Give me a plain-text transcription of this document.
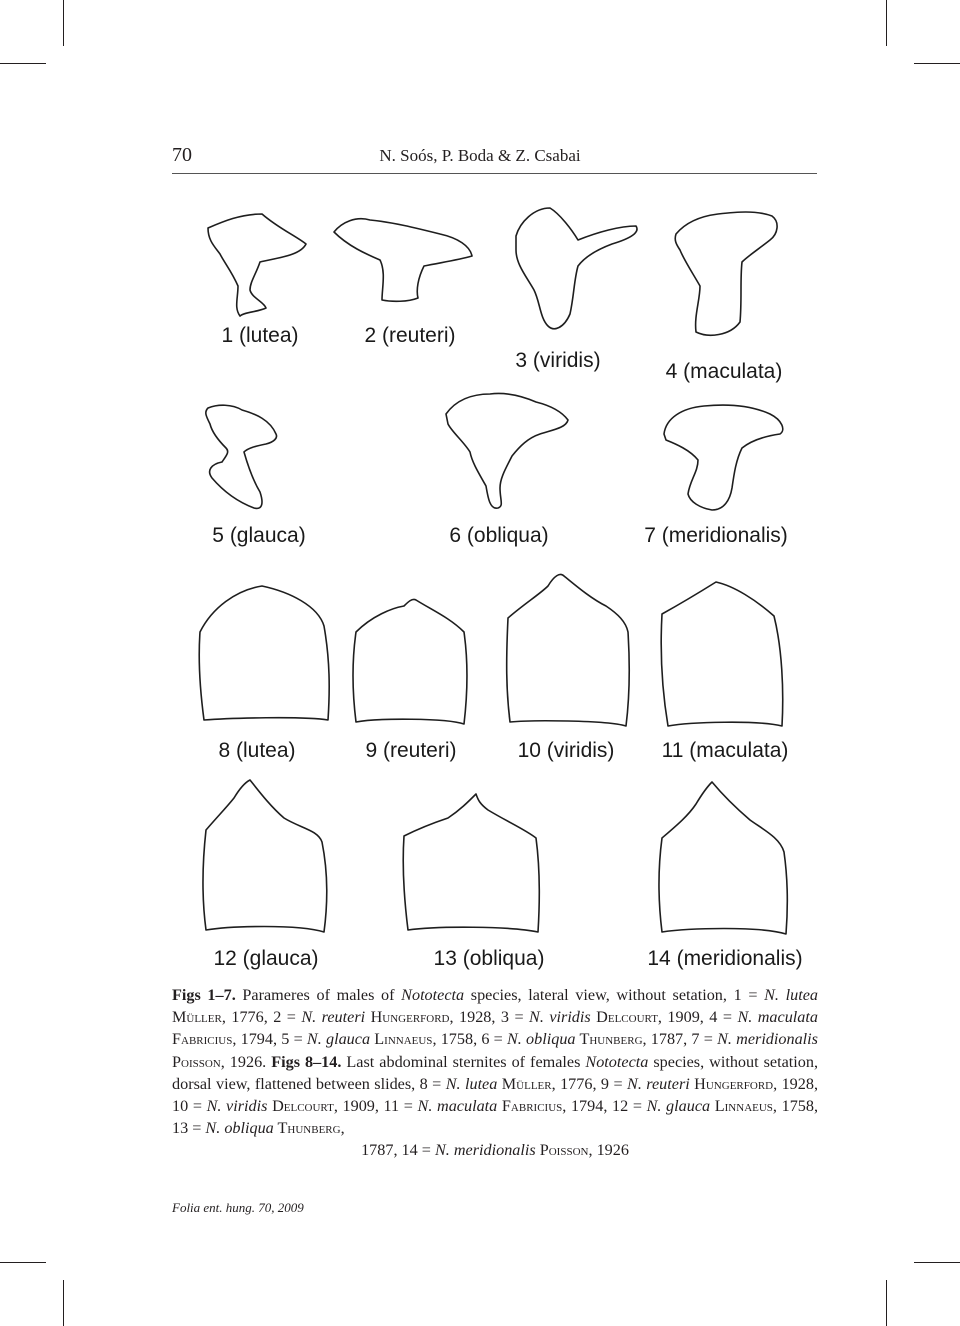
70	N. Soós, P. Boda & Z. Csabai
1 (lutea)	2 (reuteri)
3 (viridis)	4 (maculata)
5 (glauca)	6 (obliqua)	7 (meridionalis)
8 (lutea)	9 (reuteri)	10 (viridis) 11 (maculata)
12 (glauca)	13 (obliqua)	14 (meridionalis)
Figs 1–7. Parameres of males of Nototecta species, lateral view, without setation, 1 = N. lutea Müller, 1776, 2 = N. reuteri Hungerford, 1928, 3 = N. viridis Delcourt, 1909, 4 = N. maculata Fabricius, 1794, 5 = N. glauca Linnaeus, 1758, 6 = N. obliqua Thunberg, 1787, 7 = N. meridionalis Poisson, 1926. Figs 8–14. Last abdominal sternites of females Nototecta species, without setation, dorsal view, flattened between slides, 8 = N. lutea Müller, 1776, 9 = N. reuteri Hungerford, 1928, 10 = N. viridis Delcourt, 1909, 11 = N. maculata Fabricius, 1794, 12 = N. glauca Linnaeus, 1758, 13 = N. obliqua Thunberg,
1787, 14 = N. meridionalis Poisson, 1926
Folia ent. hung. 70, 2009
